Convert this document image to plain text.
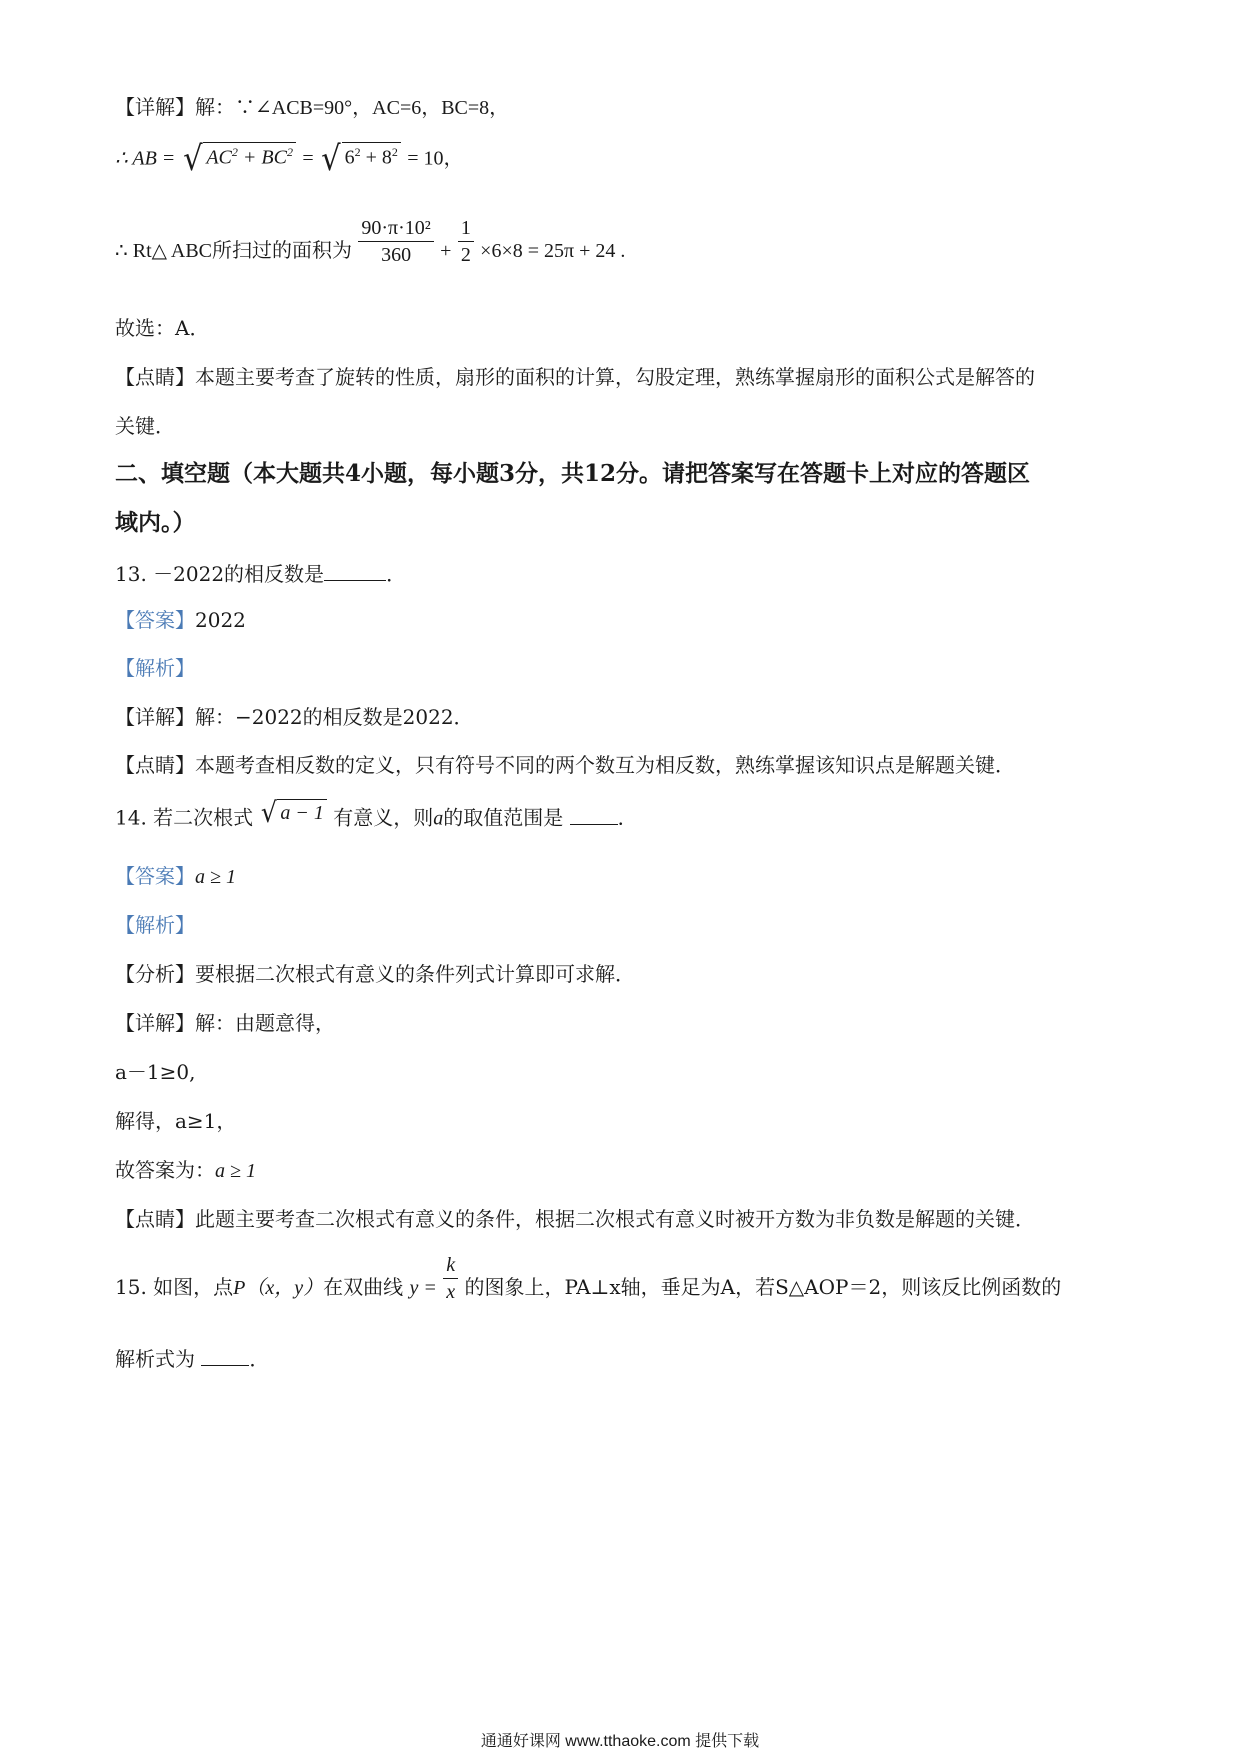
【详解】解：∵∠ACB=90°，AC=6，BC=8，
∴ AB = √ $AC^2 + BC^2$ = √ $6^2 + 8^2 = 10$，
∴ Rt△ ABC所扫过的面积为 $\frac{\text{90·π·10²}}{360} + \frac{1}{2} \times 6\times 8 = 25\pi + 24$ .
故选：A．
【点睛】本题主要考查了旋转的性质，扇形的面积的计算，勾股定理，熟练掌握扇形的面积公式是解答的
关键．
二、填空题（本大题共4小题，每小题3分，共12分。请把答案写在答题卡上对应的答题区
域内。）
13. －2022的相反数是	．
【答案】2022
【解析】
【详解】解：−2022的相反数是2022．
【点睛】本题考查相反数的定义，只有符号不同的两个数互为相反数，熟练掌握该知识点是解题关键．
14. 若二次根式 √ a − 1 有意义，则a的取值范围是	．
【答案】a ≥ 1
【解析】
【分析】要根据二次根式有意义的条件列式计算即可求解．
【详解】解：由题意得，
a－1≥0,
解得，a≥1，
故答案为：a ≥ 1
【点睛】此题主要考查二次根式有意义的条件，根据二次根式有意义时被开方数为非负数是解题的关键．
15. 如图，点P（x，y）在双曲线 $y = \frac{k}{x}$ 的图象上，PA⊥x轴，垂足为A，若S△AOP＝2，则该反比例函数的
解析式为	．
通通好课网 www.tthaoke.com 提供下载
